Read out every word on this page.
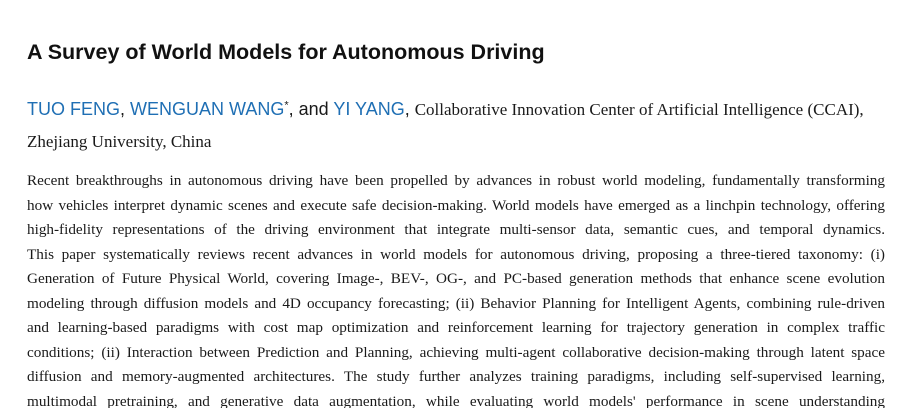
A Survey of World Models for Autonomous Driving
TUO FENG, WENGUAN WANG*, and YI YANG, Collaborative Innovation Center of Artificial Intelligence (CCAI), Zhejiang University, China
Recent breakthroughs in autonomous driving have been propelled by advances in robust world modeling, fundamentally transforming
how vehicles interpret dynamic scenes and execute safe decision-making. World models have emerged as a linchpin technology, offering
high-fidelity representations of the driving environment that integrate multi-sensor data, semantic cues, and temporal dynamics.
This paper systematically reviews recent advances in world models for autonomous driving, proposing a three-tiered taxonomy: (i)
Generation of Future Physical World, covering Image-, BEV-, OG-, and PC-based generation methods that enhance scene evolution
modeling through diffusion models and 4D occupancy forecasting; (ii) Behavior Planning for Intelligent Agents, combining rule-driven
and learning-based paradigms with cost map optimization and reinforcement learning for trajectory generation in complex traffic
conditions; (ii) Interaction between Prediction and Planning, achieving multi-agent collaborative decision-making through latent space
diffusion and memory-augmented architectures. The study further analyzes training paradigms, including self-supervised learning,
multimodal pretraining, and generative data augmentation, while evaluating world models' performance in scene understanding
